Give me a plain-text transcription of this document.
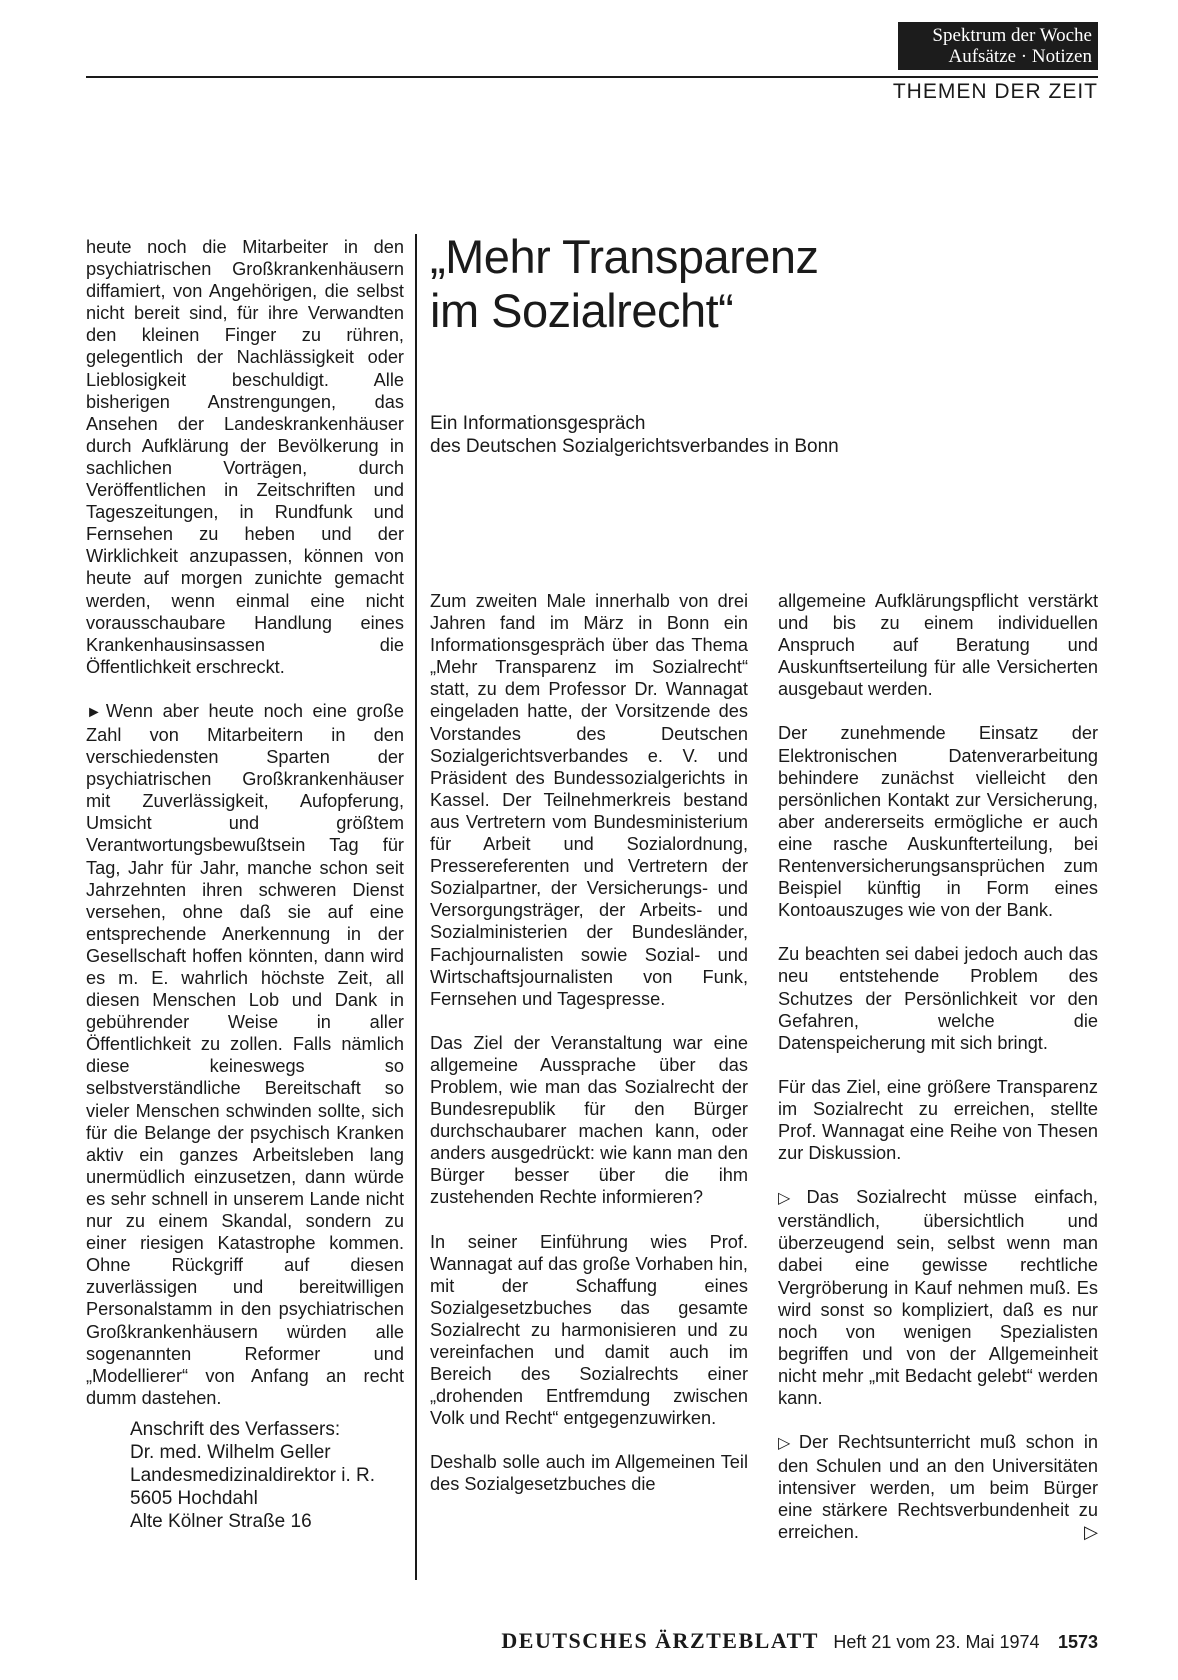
Spektrum der Woche
Aufsätze · Notizen
THEMEN DER ZEIT

heute noch die Mitarbeiter in den psychiatrischen Großkrankenhäusern diffamiert, von Angehörigen, die selbst nicht bereit sind, für ihre Verwandten den kleinen Finger zu rühren, gelegentlich der Nachlässigkeit oder Lieblosigkeit beschuldigt. Alle bisherigen Anstrengungen, das Ansehen der Landeskrankenhäuser durch Aufklärung der Bevölkerung in sachlichen Vorträgen, durch Veröffentlichen in Zeitschriften und Tageszeitungen, in Rundfunk und Fernsehen zu heben und der Wirklichkeit anzupassen, können von heute auf morgen zunichte gemacht werden, wenn einmal eine nicht vorausschaubare Handlung eines Krankenhausinsassen die Öffentlichkeit erschreckt.

► Wenn aber heute noch eine große Zahl von Mitarbeitern in den verschiedensten Sparten der psychiatrischen Großkrankenhäuser mit Zuverlässigkeit, Aufopferung, Umsicht und größtem Verantwortungsbewußtsein Tag für Tag, Jahr für Jahr, manche schon seit Jahrzehnten ihren schweren Dienst versehen, ohne daß sie auf eine entsprechende Anerkennung in der Gesellschaft hoffen könnten, dann wird es m. E. wahrlich höchste Zeit, all diesen Menschen Lob und Dank in gebührender Weise in aller Öffentlichkeit zu zollen. Falls nämlich diese keineswegs so selbstverständliche Bereitschaft so vieler Menschen schwinden sollte, sich für die Belange der psychisch Kranken aktiv ein ganzes Arbeitsleben lang unermüdlich einzusetzen, dann würde es sehr schnell in unserem Lande nicht nur zu einem Skandal, sondern zu einer riesigen Katastrophe kommen. Ohne Rückgriff auf diesen zuverlässigen und bereitwilligen Personalstamm in den psychiatrischen Großkrankenhäusern würden alle sogenannten Reformer und „Modellierer“ von Anfang an recht dumm dastehen.

Anschrift des Verfassers:
Dr. med. Wilhelm Geller
Landesmedizinaldirektor i. R.
5605 Hochdahl
Alte Kölner Straße 16
„Mehr Transparenz
im Sozialrecht“
Ein Informationsgespräch
des Deutschen Sozialgerichtsverbandes in Bonn

Zum zweiten Male innerhalb von drei Jahren fand im März in Bonn ein Informationsgespräch über das Thema „Mehr Transparenz im Sozialrecht“ statt, zu dem Professor Dr. Wannagat eingeladen hatte, der Vorsitzende des Vorstandes des Deutschen Sozialgerichtsverbandes e. V. und Präsident des Bundessozialgerichts in Kassel. Der Teilnehmerkreis bestand aus Vertretern vom Bundesministerium für Arbeit und Sozialordnung, Pressereferenten und Vertretern der Sozialpartner, der Versicherungs- und Versorgungsträger, der Arbeits- und Sozialministerien der Bundesländer, Fachjournalisten sowie Sozial- und Wirtschaftsjournalisten von Funk, Fernsehen und Tagespresse.

Das Ziel der Veranstaltung war eine allgemeine Aussprache über das Problem, wie man das Sozialrecht der Bundesrepublik für den Bürger durchschaubarer machen kann, oder anders ausgedrückt: wie kann man den Bürger besser über die ihm zustehenden Rechte informieren?

In seiner Einführung wies Prof. Wannagat auf das große Vorhaben hin, mit der Schaffung eines Sozialgesetzbuches das gesamte Sozialrecht zu harmonisieren und zu vereinfachen und damit auch im Bereich des Sozialrechts einer „drohenden Entfremdung zwischen Volk und Recht“ entgegenzuwirken.

Deshalb solle auch im Allgemeinen Teil des Sozialgesetzbuches die

allgemeine Aufklärungspflicht verstärkt und bis zu einem individuellen Anspruch auf Beratung und Auskunftserteilung für alle Versicherten ausgebaut werden.

Der zunehmende Einsatz der Elektronischen Datenverarbeitung behindere zunächst vielleicht den persönlichen Kontakt zur Versicherung, aber andererseits ermögliche er auch eine rasche Auskunfterteilung, bei Rentenversicherungsansprüchen zum Beispiel künftig in Form eines Kontoauszuges wie von der Bank.

Zu beachten sei dabei jedoch auch das neu entstehende Problem des Schutzes der Persönlichkeit vor den Gefahren, welche die Datenspeicherung mit sich bringt.

Für das Ziel, eine größere Transparenz im Sozialrecht zu erreichen, stellte Prof. Wannagat eine Reihe von Thesen zur Diskussion.

▷ Das Sozialrecht müsse einfach, verständlich, übersichtlich und überzeugend sein, selbst wenn man dabei eine gewisse rechtliche Vergröberung in Kauf nehmen muß. Es wird sonst so kompliziert, daß es nur noch von wenigen Spezialisten begriffen und von der Allgemeinheit nicht mehr „mit Bedacht gelebt“ werden kann.

▷ Der Rechtsunterricht muß schon in den Schulen und an den Universitäten intensiver werden, um beim Bürger eine stärkere Rechtsverbundenheit zu erreichen.	▷

DEUTSCHES ÄRZTEBLATT Heft 21 vom 23. Mai 1974 1573
